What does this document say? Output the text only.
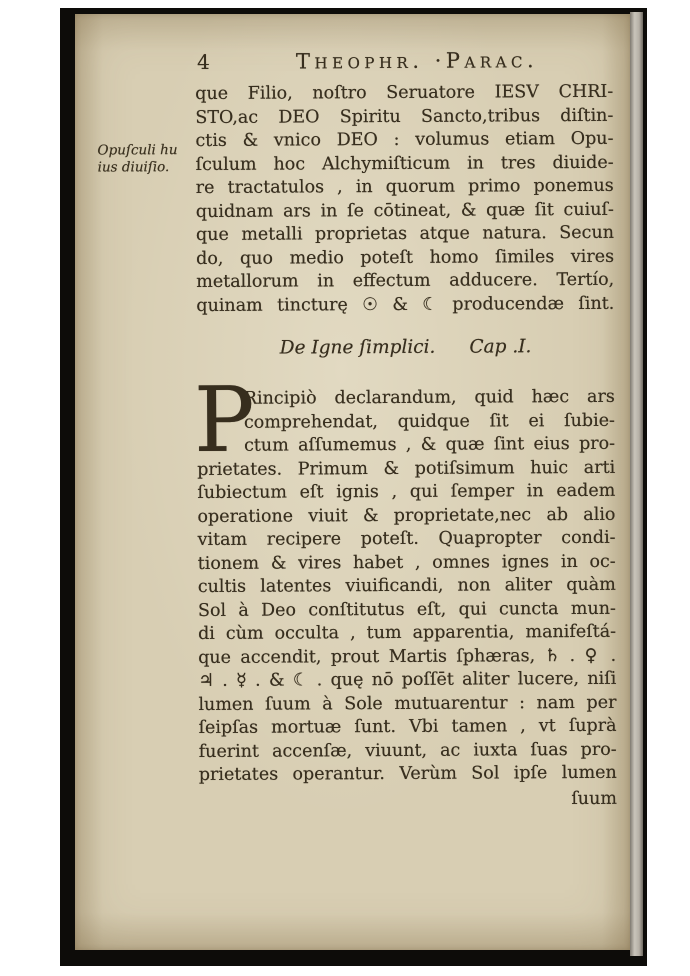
4	Theophr. ·Parac.
Opuſculi hu
ius diuiſio.
que Filio, noſtro Seruatore IESV CHRI-
STO,ac DEO Spiritu Sancto,tribus diſtin-
ctis & vnico DEO : volumus etiam Opu-
ſculum hoc Alchymiſticum in tres diuide-
re tractatulos , in quorum primo ponemus
quidnam ars in ſe cōtineat, & quæ ſit cuiuſ-
que metalli proprietas atque natura. Secun
do, quo medio poteſt homo ſimiles vires
metallorum in effectum adducere. Tertío,
quinam tincturę ☉ & ☾ producendæ ſint.
De Igne ſimplici. Cap .I.
P
Rincipiò declarandum, quid hæc ars
comprehendat, quidque ſit ei ſubie-
ctum aſſumemus , & quæ ſint eius pro-
prietates. Primum & potiſsimum huic arti
ſubiectum eſt ignis , qui ſemper in eadem
operatione viuit & proprietate,nec ab alio
vitam recipere poteſt. Quapropter condi-
tionem & vires habet , omnes ignes in oc-
cultis latentes viuificandi, non aliter quàm
Sol à Deo conſtitutus eſt, qui cuncta mun-
di cùm occulta , tum apparentia, manifeſtá-
que accendit, prout Martis ſphæras, ♄ . ♀ .
♃ . ☿ . & ☾ . quę nō poſſēt aliter lucere, niſi
lumen ſuum à Sole mutuarentur : nam per
ſeipſas mortuæ ſunt. Vbi tamen , vt ſuprà
fuerint accenſæ, viuunt, ac iuxta ſuas pro-
prietates operantur. Verùm Sol ipſe lumen
ſuum
